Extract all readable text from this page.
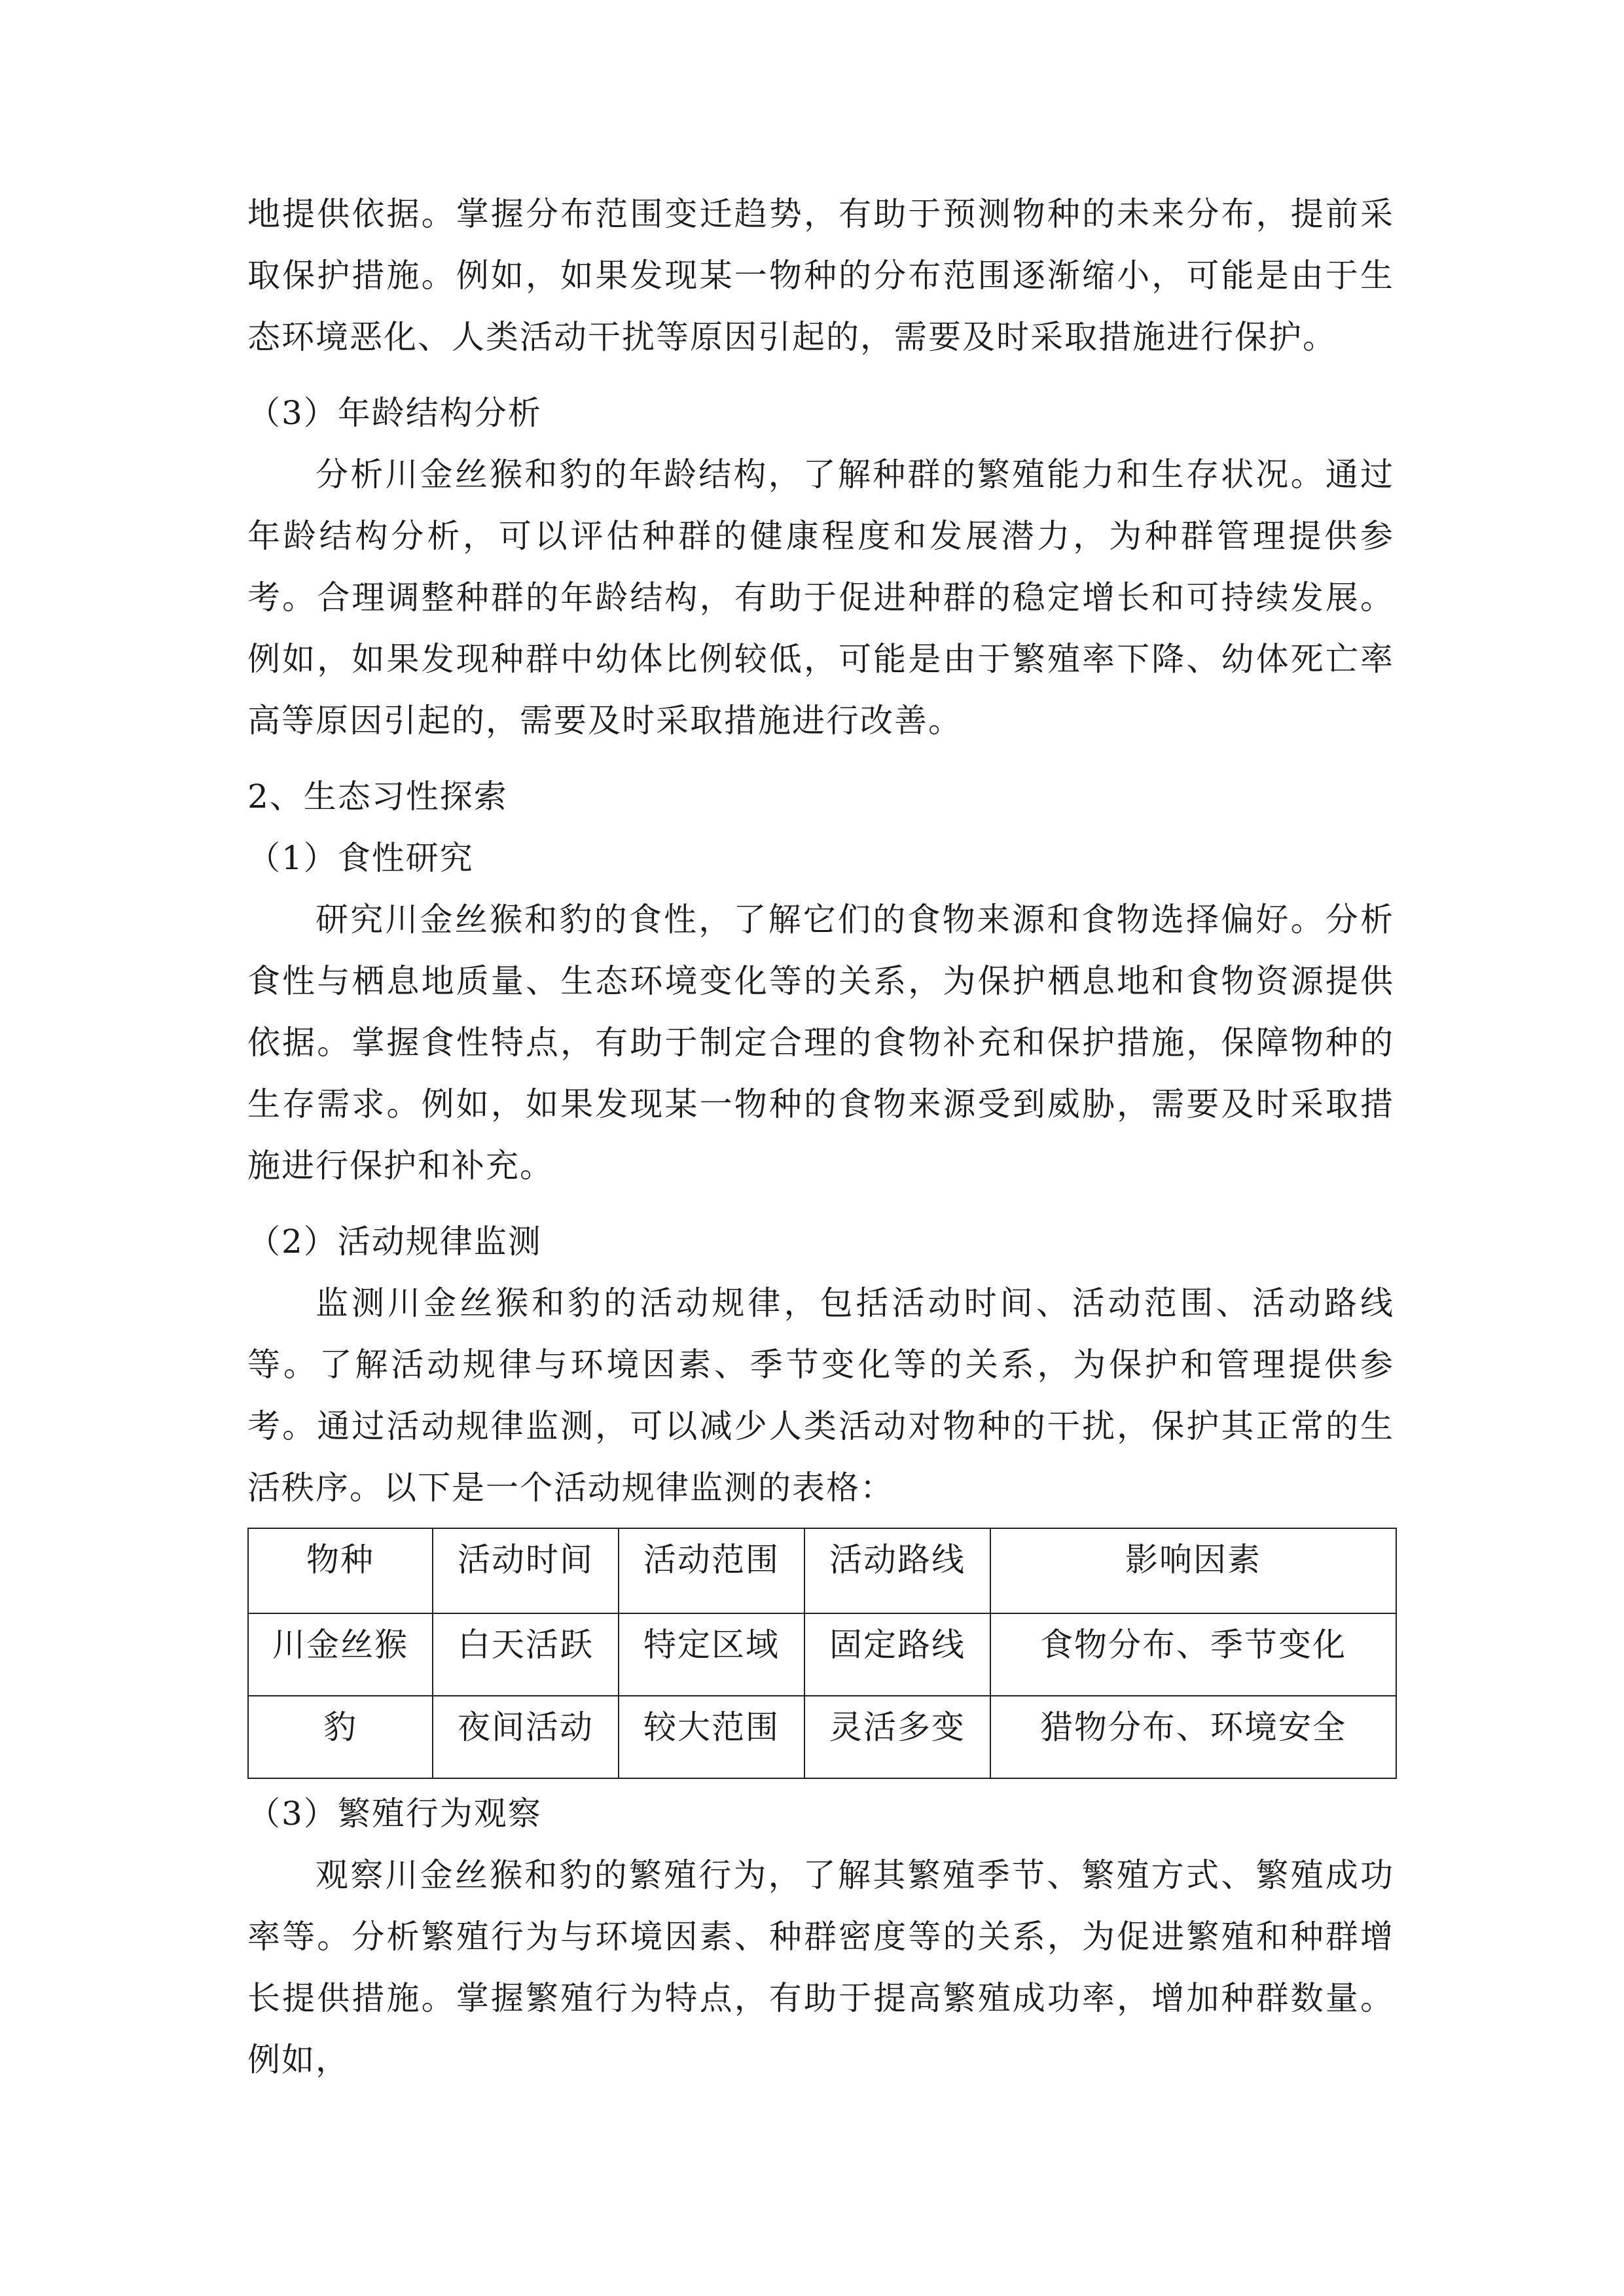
地提供依据。掌握分布范围变迁趋势，有助于预测物种的未来分布，提前采取保护措施。例如，如果发现某一物种的分布范围逐渐缩小，可能是由于生态环境恶化、人类活动干扰等原因引起的，需要及时采取措施进行保护。

（3）年龄结构分析

分析川金丝猴和豹的年龄结构，了解种群的繁殖能力和生存状况。通过年龄结构分析，可以评估种群的健康程度和发展潜力，为种群管理提供参考。合理调整种群的年龄结构，有助于促进种群的稳定增长和可持续发展。例如，如果发现种群中幼体比例较低，可能是由于繁殖率下降、幼体死亡率高等原因引起的，需要及时采取措施进行改善。

2、生态习性探索

（1）食性研究

研究川金丝猴和豹的食性，了解它们的食物来源和食物选择偏好。分析食性与栖息地质量、生态环境变化等的关系，为保护栖息地和食物资源提供依据。掌握食性特点，有助于制定合理的食物补充和保护措施，保障物种的生存需求。例如，如果发现某一物种的食物来源受到威胁，需要及时采取措施进行保护和补充。

（2）活动规律监测

监测川金丝猴和豹的活动规律，包括活动时间、活动范围、活动路线等。了解活动规律与环境因素、季节变化等的关系，为保护和管理提供参考。通过活动规律监测，可以减少人类活动对物种的干扰，保护其正常的生活秩序。以下是一个活动规律监测的表格：

物种	活动时间	活动范围	活动路线	影响因素
川金丝猴	白天活跃	特定区域	固定路线	食物分布、季节变化
豹	夜间活动	较大范围	灵活多变	猎物分布、环境安全

（3）繁殖行为观察

观察川金丝猴和豹的繁殖行为，了解其繁殖季节、繁殖方式、繁殖成功率等。分析繁殖行为与环境因素、种群密度等的关系，为促进繁殖和种群增长提供措施。掌握繁殖行为特点，有助于提高繁殖成功率，增加种群数量。例如，
